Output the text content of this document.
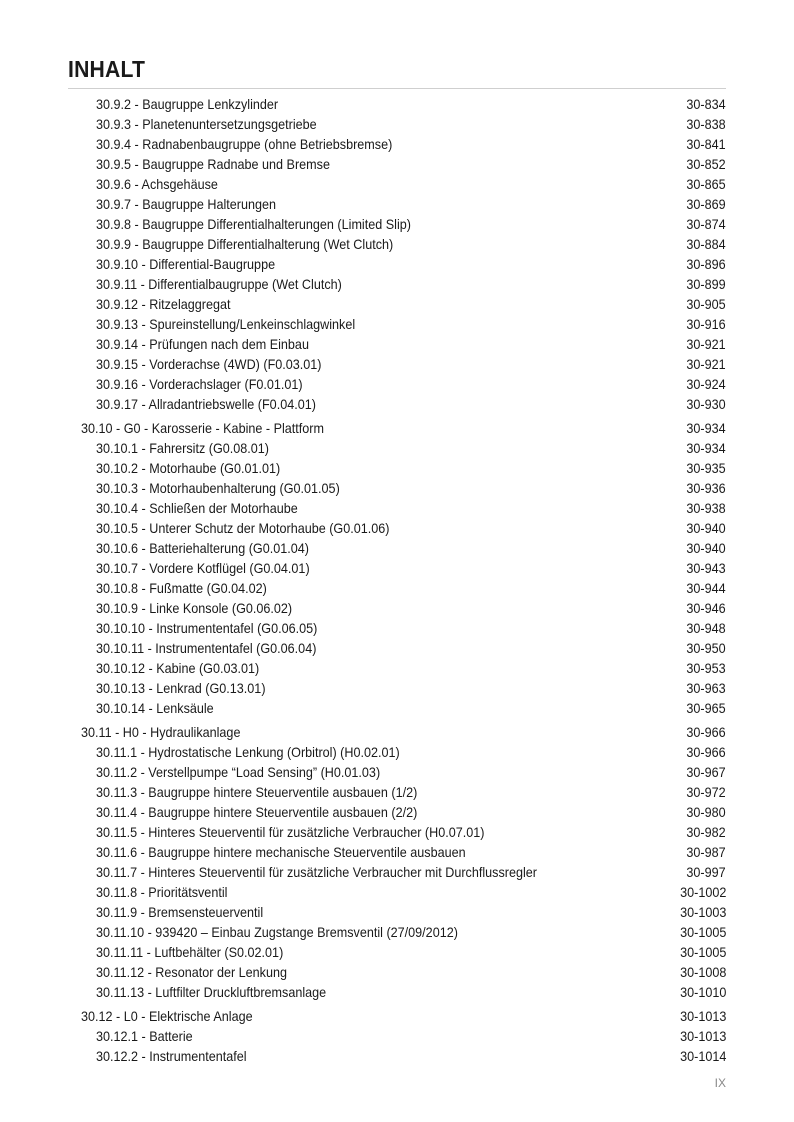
INHALT
30.9.2 - Baugruppe Lenkzylinder	30-834
30.9.3 - Planetenuntersetzungsgetriebe	30-838
30.9.4 - Radnabenbaugruppe (ohne Betriebsbremse)	30-841
30.9.5 - Baugruppe Radnabe und Bremse	30-852
30.9.6 - Achsgehäuse	30-865
30.9.7 - Baugruppe Halterungen	30-869
30.9.8 - Baugruppe Differentialhalterungen (Limited Slip)	30-874
30.9.9 - Baugruppe Differentialhalterung (Wet Clutch)	30-884
30.9.10 - Differential-Baugruppe	30-896
30.9.11 - Differentialbaugruppe (Wet Clutch)	30-899
30.9.12 - Ritzelaggregat	30-905
30.9.13 - Spureinstellung/Lenkeinschlagwinkel	30-916
30.9.14 - Prüfungen nach dem Einbau	30-921
30.9.15 - Vorderachse (4WD) (F0.03.01)	30-921
30.9.16 - Vorderachslager (F0.01.01)	30-924
30.9.17 - Allradantriebswelle (F0.04.01)	30-930
30.10 - G0 - Karosserie - Kabine - Plattform	30-934
30.10.1 - Fahrersitz (G0.08.01)	30-934
30.10.2 - Motorhaube (G0.01.01)	30-935
30.10.3 - Motorhaubenhalterung (G0.01.05)	30-936
30.10.4 - Schließen der Motorhaube	30-938
30.10.5 - Unterer Schutz der Motorhaube (G0.01.06)	30-940
30.10.6 - Batteriehalterung (G0.01.04)	30-940
30.10.7 - Vordere Kotflügel (G0.04.01)	30-943
30.10.8 - Fußmatte (G0.04.02)	30-944
30.10.9 - Linke Konsole (G0.06.02)	30-946
30.10.10 - Instrumententafel (G0.06.05)	30-948
30.10.11 - Instrumententafel (G0.06.04)	30-950
30.10.12 - Kabine (G0.03.01)	30-953
30.10.13 - Lenkrad (G0.13.01)	30-963
30.10.14 - Lenksäule	30-965
30.11 - H0 - Hydraulikanlage	30-966
30.11.1 - Hydrostatische Lenkung (Orbitrol) (H0.02.01)	30-966
30.11.2 - Verstellpumpe “Load Sensing” (H0.01.03)	30-967
30.11.3 - Baugruppe hintere Steuerventile ausbauen (1/2)	30-972
30.11.4 - Baugruppe hintere Steuerventile ausbauen (2/2)	30-980
30.11.5 - Hinteres Steuerventil für zusätzliche Verbraucher (H0.07.01)	30-982
30.11.6 - Baugruppe hintere mechanische Steuerventile ausbauen	30-987
30.11.7 - Hinteres Steuerventil für zusätzliche Verbraucher mit Durchflussregler	30-997
30.11.8 - Prioritätsventil	30-1002
30.11.9 - Bremsensteuerventil	30-1003
30.11.10 - 939420 – Einbau Zugstange Bremsventil (27/09/2012)	30-1005
30.11.11 - Luftbehälter (S0.02.01)	30-1005
30.11.12 - Resonator der Lenkung	30-1008
30.11.13 - Luftfilter Druckluftbremsanlage	30-1010
30.12 - L0 - Elektrische Anlage	30-1013
30.12.1 - Batterie	30-1013
30.12.2 - Instrumententafel	30-1014
IX
